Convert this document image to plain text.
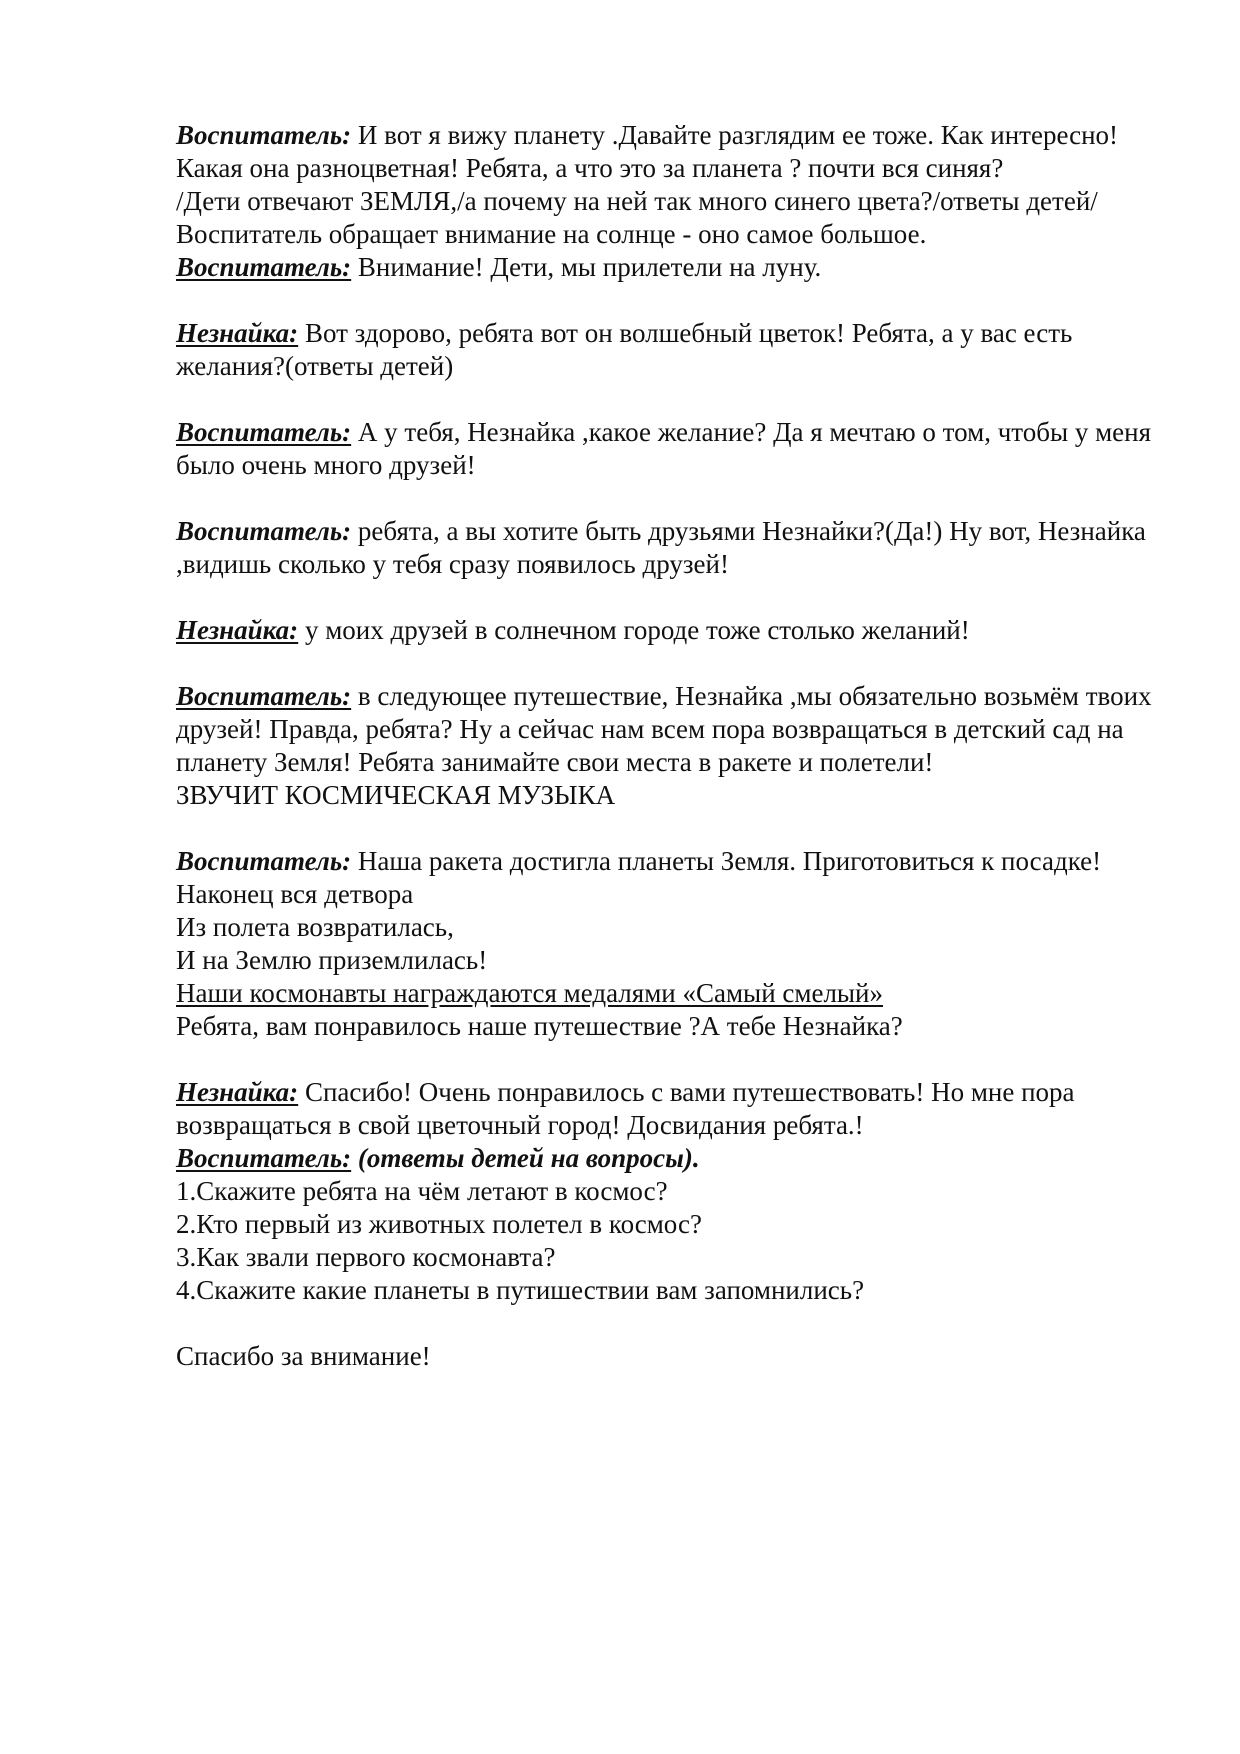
Воспитатель: И вот я вижу планету .Давайте разглядим ее тоже. Как интересно! Какая она разноцветная! Ребята, а что это за планета ? почти вся синяя?

/Дети отвечают ЗЕМЛЯ,/а почему на ней так много синего цвета?/ответы детей/

Воспитатель обращает внимание на солнце - оно самое большое.

Воспитатель: Внимание! Дети, мы прилетели на луну.

Незнайка: Вот здорово, ребята вот он волшебный цветок! Ребята, а у вас есть желания?(ответы детей)

Воспитатель: А у тебя, Незнайка ,какое желание? Да я мечтаю о том, чтобы у меня было очень много друзей!

Воспитатель: ребята, а вы хотите быть друзьями Незнайки?(Да!) Ну вот, Незнайка ,видишь сколько у тебя сразу появилось друзей!

Незнайка: у моих друзей в солнечном городе тоже столько желаний!

Воспитатель: в следующее путешествие, Незнайка ,мы обязательно возьмём твоих друзей! Правда, ребята? Ну а сейчас нам всем пора возвращаться в детский сад на планету Земля! Ребята занимайте свои места в ракете и полетели!

ЗВУЧИТ КОСМИЧЕСКАЯ МУЗЫКА

Воспитатель: Наша ракета достигла планеты Земля. Приготовиться к посадке!

Наконец вся детвора

Из полета возвратилась,

И на Землю приземлилась!

Наши космонавты награждаются медалями «Самый смелый»

Ребята, вам понравилось наше путешествие ?А тебе Незнайка?

Незнайка: Спасибо! Очень понравилось с вами путешествовать! Но мне пора возвращаться в свой цветочный город! Досвидания ребята.!

Воспитатель: (ответы детей на вопросы).

1.Скажите ребята на чём летают в космос?

2.Кто первый из животных полетел в космос?

3.Как звали первого космонавта?

4.Скажите какие планеты в путишествии вам запомнились?

Спасибо за внимание!
